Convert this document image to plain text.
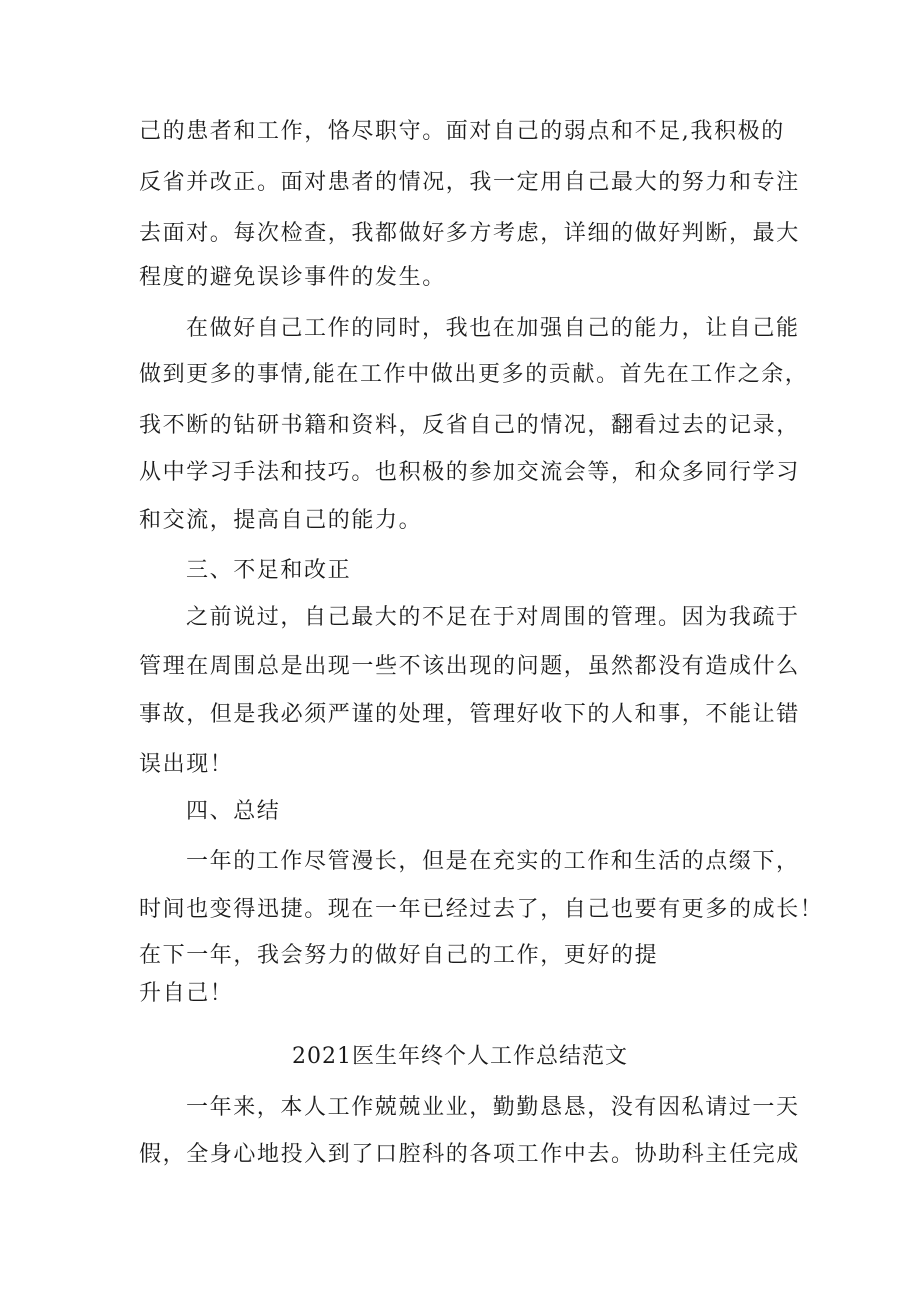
己的患者和工作，恪尽职守。面对自己的弱点和不足,我积极的
反省并改正。面对患者的情况，我一定用自己最大的努力和专注
去面对。每次检查，我都做好多方考虑，详细的做好判断，最大
程度的避免误诊事件的发生。
在做好自己工作的同时，我也在加强自己的能力，让自己能
做到更多的事情,能在工作中做出更多的贡献。首先在工作之余，
我不断的钻研书籍和资料，反省自己的情况，翻看过去的记录，
从中学习手法和技巧。也积极的参加交流会等，和众多同行学习
和交流，提高自己的能力。
三、不足和改正
之前说过，自己最大的不足在于对周围的管理。因为我疏于
管理在周围总是出现一些不该出现的问题，虽然都没有造成什么
事故，但是我必须严谨的处理，管理好收下的人和事，不能让错
误出现！
四、总结
一年的工作尽管漫长，但是在充实的工作和生活的点缀下，
时间也变得迅捷。现在一年已经过去了，自己也要有更多的成长！
在下一年，我会努力的做好自己的工作，更好的提
升自己！
2021医生年终个人工作总结范文
一年来，本人工作兢兢业业，勤勤恳恳，没有因私请过一天
假，全身心地投入到了口腔科的各项工作中去。协助科主任完成
